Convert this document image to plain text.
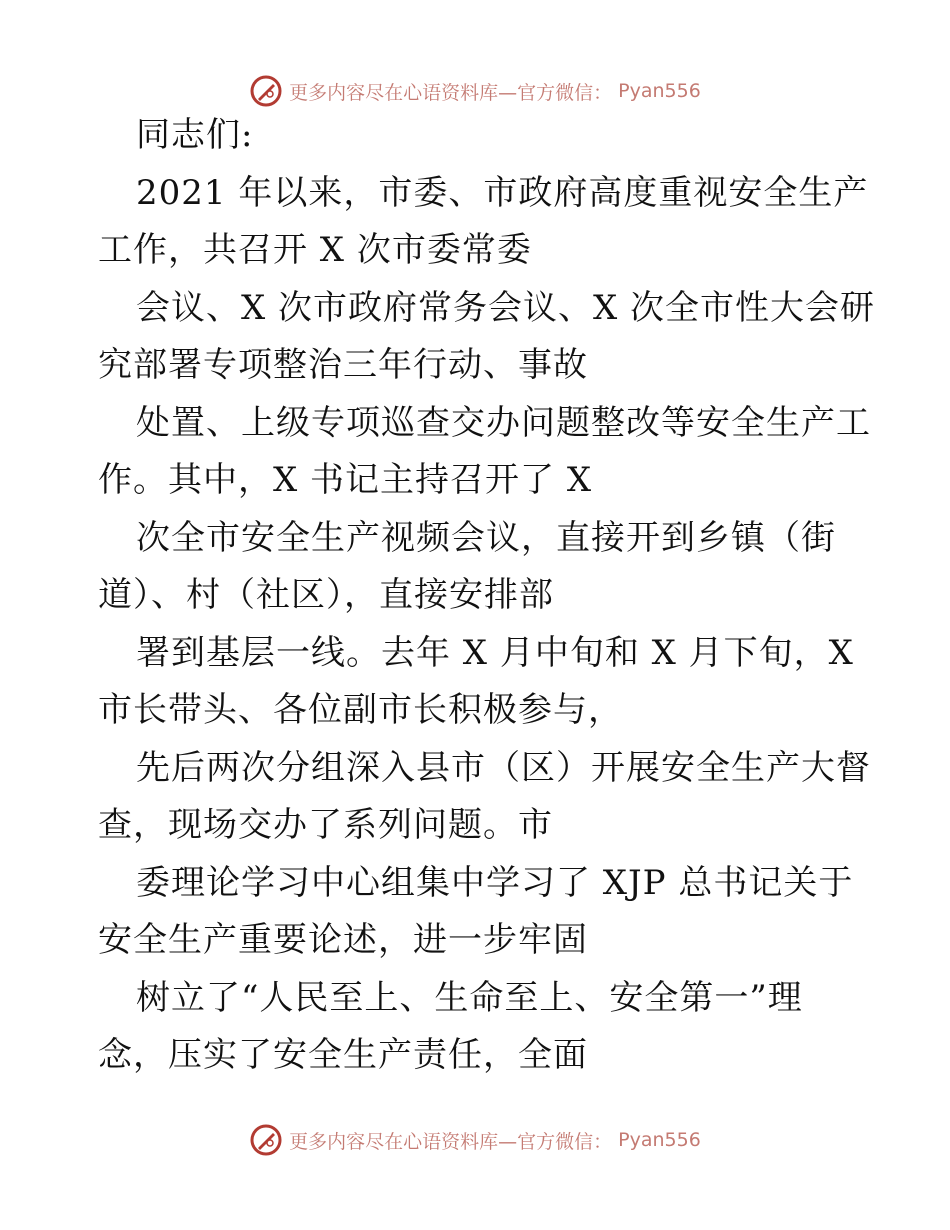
更多内容尽在心语资料库—官方微信： Pyan556
同志们:
2021 年以来，市委、市政府高度重视安全生产
工作，共召开 X 次市委常委
会议、X 次市政府常务会议、X 次全市性大会研
究部署专项整治三年行动、事故
处置、上级专项巡查交办问题整改等安全生产工
作。其中，X 书记主持召开了 X
次全市安全生产视频会议，直接开到乡镇（街
道）、村（社区），直接安排部
署到基层一线。去年 X 月中旬和 X 月下旬，X
市长带头、各位副市长积极参与，
先后两次分组深入县市（区）开展安全生产大督
查，现场交办了系列问题。市
委理论学习中心组集中学习了 XJP 总书记关于
安全生产重要论述，进一步牢固
树立了“人民至上、生命至上、安全第一”理
念，压实了安全生产责任，全面
更多内容尽在心语资料库—官方微信： Pyan556
